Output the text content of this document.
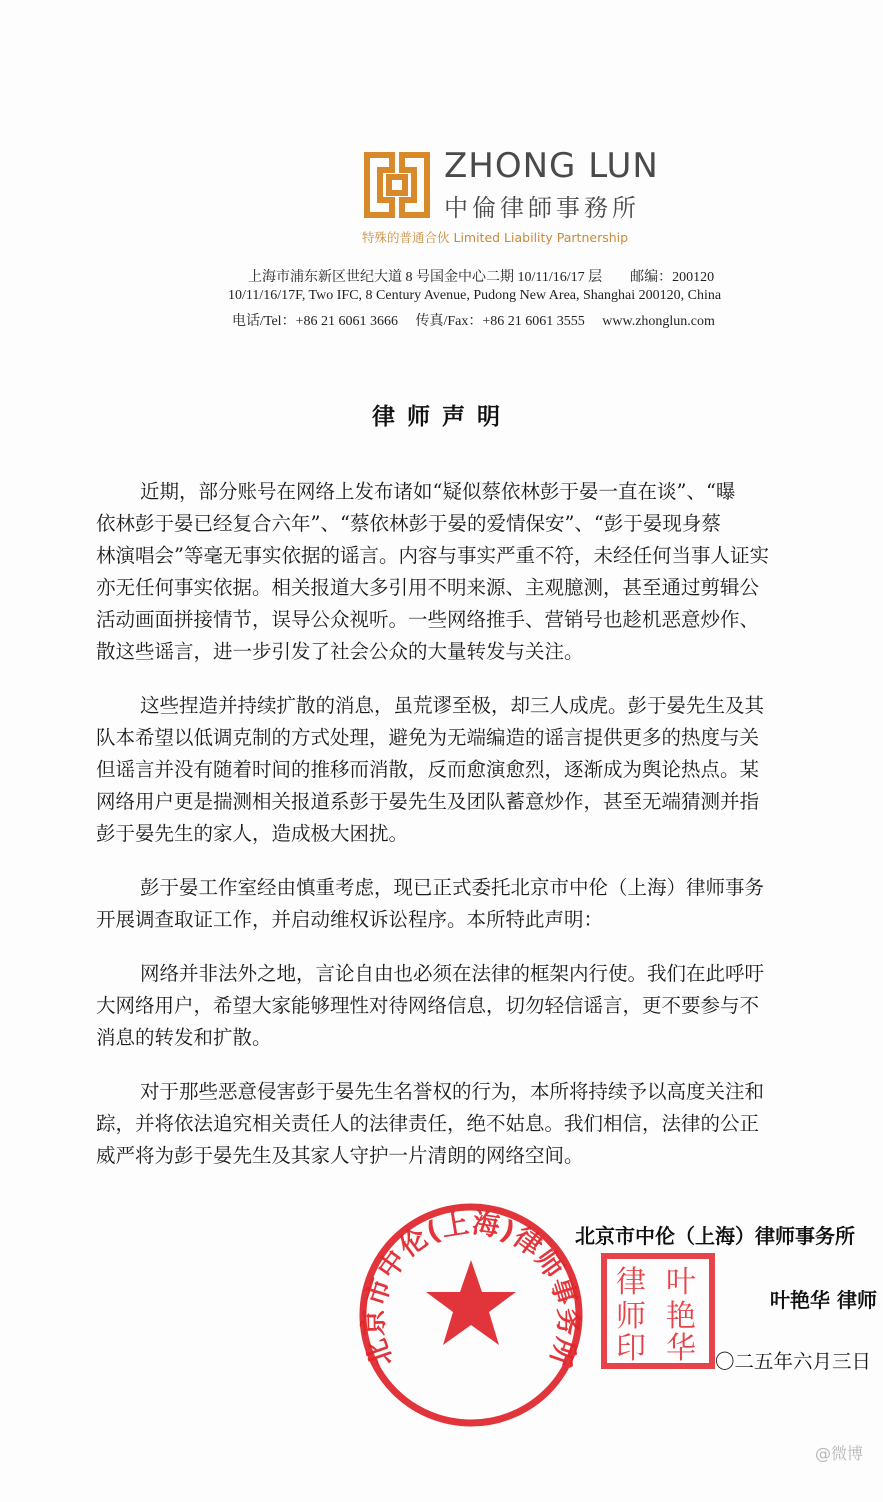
ZHONG LUN
中倫律師事務所
特殊的普通合伙 Limited Liability Partnership
上海市浦东新区世纪大道 8 号国金中心二期 10/11/16/17 层　　邮编：200120
10/11/16/17F, Two IFC, 8 Century Avenue, Pudong New Area, Shanghai 200120, China
电话/Tel：+86 21 6061 3666 传真/Fax：+86 21 6061 3555 www.zhonglun.com
律师声明
近期，部分账号在网络上发布诸如“疑似蔡依林彭于晏一直在谈”、“曝
依林彭于晏已经复合六年”、“蔡依林彭于晏的爱情保安”、“彭于晏现身蔡
林演唱会”等毫无事实依据的谣言。内容与事实严重不符，未经任何当事人证实
亦无任何事实依据。相关报道大多引用不明来源、主观臆测，甚至通过剪辑公
活动画面拼接情节，误导公众视听。一些网络推手、营销号也趁机恶意炒作、
散这些谣言，进一步引发了社会公众的大量转发与关注。
这些捏造并持续扩散的消息，虽荒谬至极，却三人成虎。彭于晏先生及其
队本希望以低调克制的方式处理，避免为无端编造的谣言提供更多的热度与关
但谣言并没有随着时间的推移而消散，反而愈演愈烈，逐渐成为舆论热点。某
网络用户更是揣测相关报道系彭于晏先生及团队蓄意炒作，甚至无端猜测并指
彭于晏先生的家人，造成极大困扰。
彭于晏工作室经由慎重考虑，现已正式委托北京市中伦（上海）律师事务
开展调查取证工作，并启动维权诉讼程序。本所特此声明：
网络并非法外之地，言论自由也必须在法律的框架内行使。我们在此呼吁
大网络用户，希望大家能够理性对待网络信息，切勿轻信谣言，更不要参与不
消息的转发和扩散。
对于那些恶意侵害彭于晏先生名誉权的行为，本所将持续予以高度关注和
踪，并将依法追究相关责任人的法律责任，绝不姑息。我们相信，法律的公正
威严将为彭于晏先生及其家人守护一片清朗的网络空间。
北京市中伦(上海)律师事务所
叶
艳
华
律
师
印
北京市中伦（上海）律师事务所
叶艳华 律师
〇二五年六月三日
@微博
